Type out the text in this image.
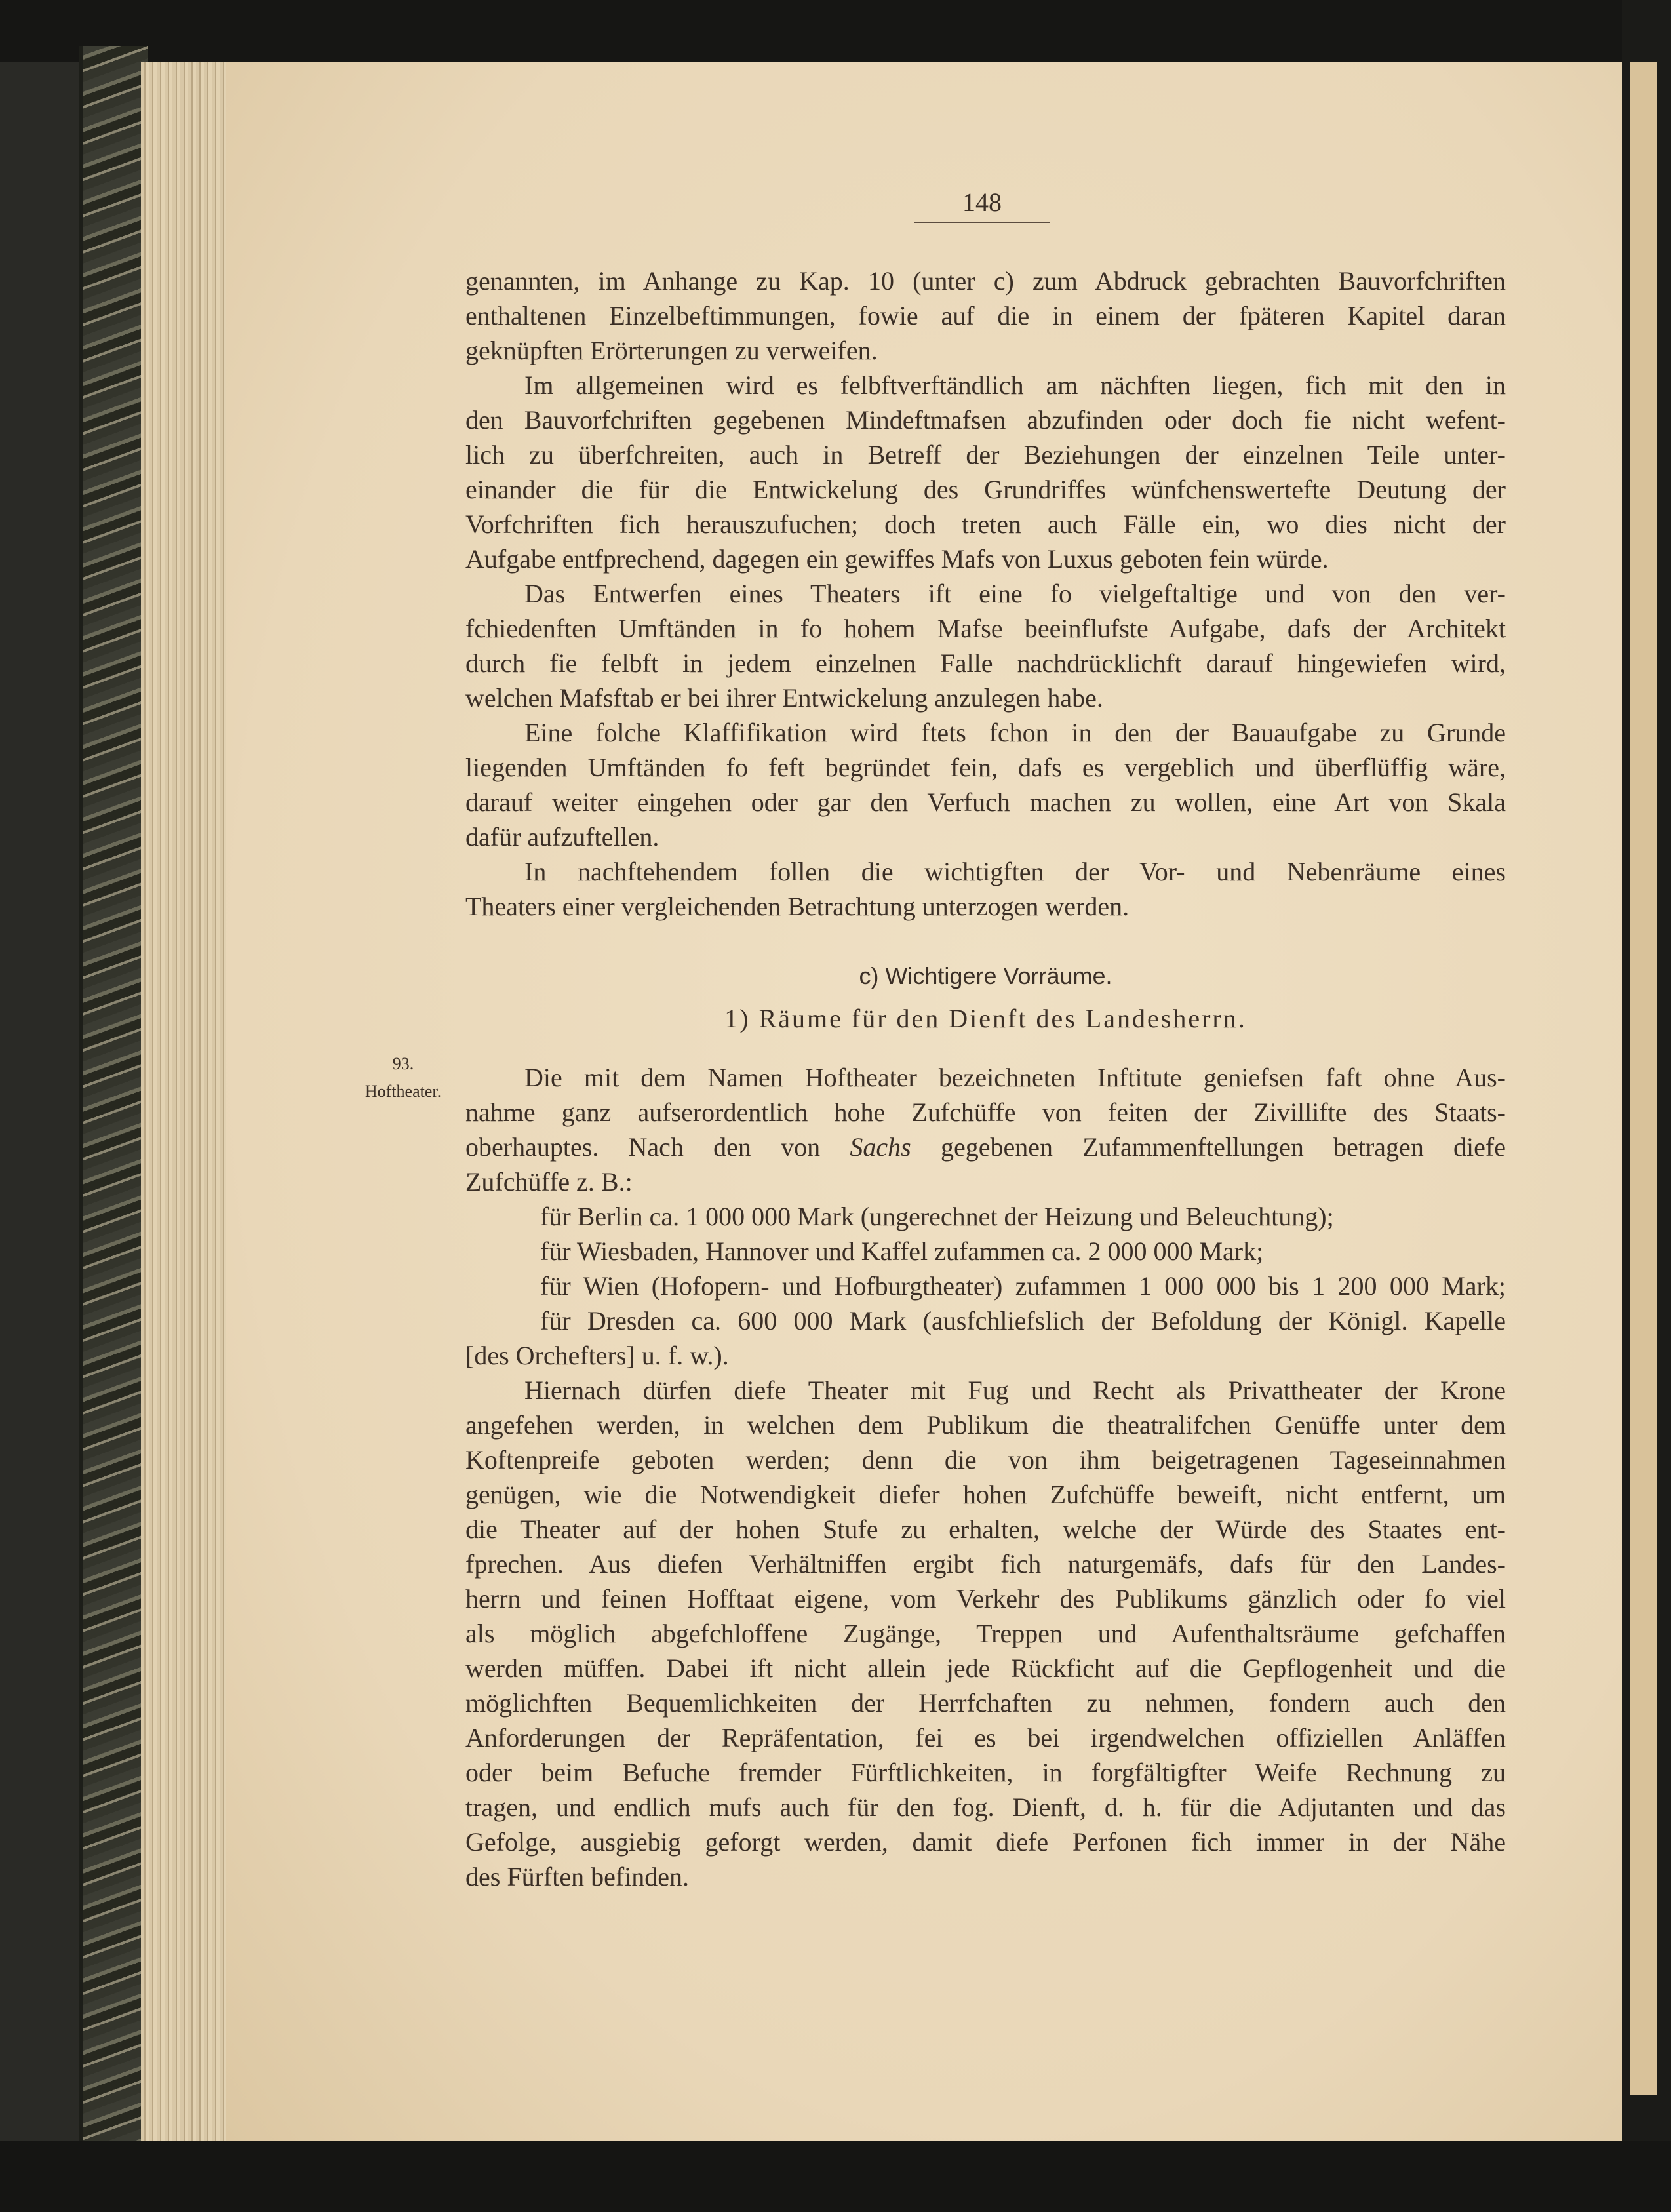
148
93.
Hoftheater.
genannten, im Anhange zu Kap. 10 (unter c) zum Abdruck gebrachten Bauvorfchriften
enthaltenen Einzelbeftimmungen, fowie auf die in einem der fpäteren Kapitel daran
geknüpften Erörterungen zu verweifen.
Im allgemeinen wird es felbftverftändlich am nächften liegen, fich mit den in
den Bauvorfchriften gegebenen Mindeftmafsen abzufinden oder doch fie nicht wefent-
lich zu überfchreiten, auch in Betreff der Beziehungen der einzelnen Teile unter-
einander die für die Entwickelung des Grundriffes wünfchenswertefte Deutung der
Vorfchriften fich herauszufuchen; doch treten auch Fälle ein, wo dies nicht der
Aufgabe entfprechend, dagegen ein gewiffes Mafs von Luxus geboten fein würde.
Das Entwerfen eines Theaters ift eine fo vielgeftaltige und von den ver-
fchiedenften Umftänden in fo hohem Mafse beeinflufste Aufgabe, dafs der Architekt
durch fie felbft in jedem einzelnen Falle nachdrücklichft darauf hingewiefen wird,
welchen Mafsftab er bei ihrer Entwickelung anzulegen habe.
Eine folche Klaffifikation wird ftets fchon in den der Bauaufgabe zu Grunde
liegenden Umftänden fo feft begründet fein, dafs es vergeblich und überflüffig wäre,
darauf weiter eingehen oder gar den Verfuch machen zu wollen, eine Art von Skala
dafür aufzuftellen.
In nachftehendem follen die wichtigften der Vor- und Nebenräume eines
Theaters einer vergleichenden Betrachtung unterzogen werden.
c) Wichtigere Vorräume.
1) Räume für den Dienft des Landesherrn.
Die mit dem Namen Hoftheater bezeichneten Inftitute geniefsen faft ohne Aus-
nahme ganz aufserordentlich hohe Zufchüffe von feiten der Zivillifte des Staats-
oberhauptes. Nach den von Sachs gegebenen Zufammenftellungen betragen diefe
Zufchüffe z. B.:
für Berlin ca. 1 000 000 Mark (ungerechnet der Heizung und Beleuchtung);
für Wiesbaden, Hannover und Kaffel zufammen ca. 2 000 000 Mark;
für Wien (Hofopern- und Hofburgtheater) zufammen 1 000 000 bis 1 200 000 Mark;
für Dresden ca. 600 000 Mark (ausfchliefslich der Befoldung der Königl. Kapelle
[des Orchefters] u. f. w.).
Hiernach dürfen diefe Theater mit Fug und Recht als Privattheater der Krone
angefehen werden, in welchen dem Publikum die theatralifchen Genüffe unter dem
Koftenpreife geboten werden; denn die von ihm beigetragenen Tageseinnahmen
genügen, wie die Notwendigkeit diefer hohen Zufchüffe beweift, nicht entfernt, um
die Theater auf der hohen Stufe zu erhalten, welche der Würde des Staates ent-
fprechen. Aus diefen Verhältniffen ergibt fich naturgemäfs, dafs für den Landes-
herrn und feinen Hofftaat eigene, vom Verkehr des Publikums gänzlich oder fo viel
als möglich abgefchloffene Zugänge, Treppen und Aufenthaltsräume gefchaffen
werden müffen. Dabei ift nicht allein jede Rückficht auf die Gepflogenheit und die
möglichften Bequemlichkeiten der Herrfchaften zu nehmen, fondern auch den
Anforderungen der Repräfentation, fei es bei irgendwelchen offiziellen Anläffen
oder beim Befuche fremder Fürftlichkeiten, in forgfältigfter Weife Rechnung zu
tragen, und endlich mufs auch für den fog. Dienft, d. h. für die Adjutanten und das
Gefolge, ausgiebig geforgt werden, damit diefe Perfonen fich immer in der Nähe
des Fürften befinden.
